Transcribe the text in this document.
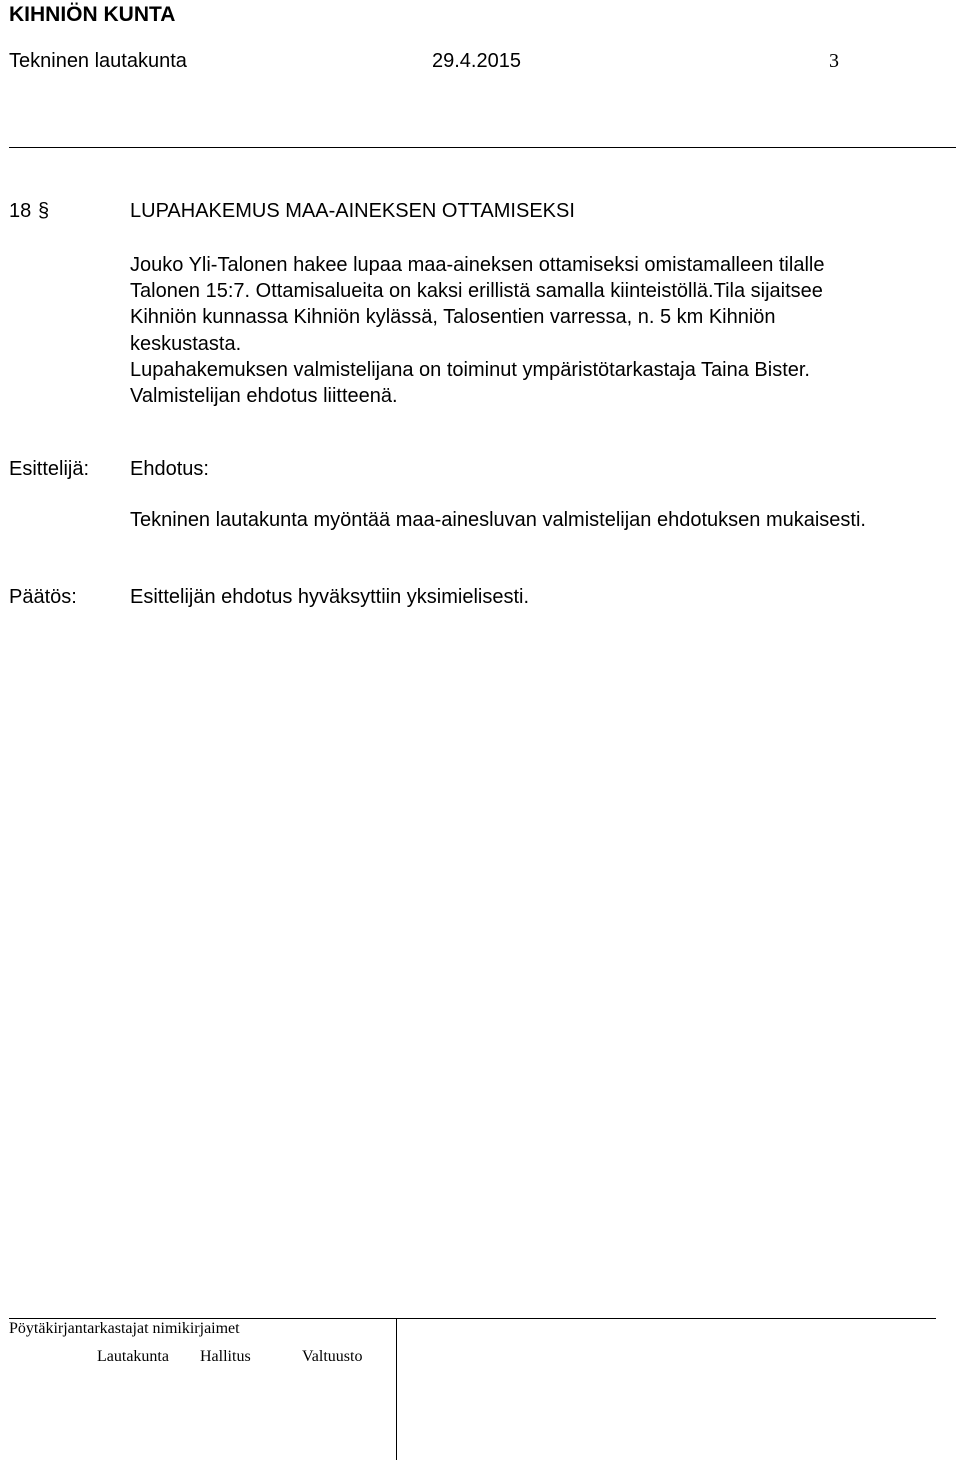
KIHNIÖN KUNTA
Tekninen lautakunta	29.4.2015	3
18 §	LUPAHAKEMUS MAA-AINEKSEN OTTAMISEKSI

Jouko Yli-Talonen hakee lupaa maa-aineksen ottamiseksi omistamalleen tilalle

Talonen 15:7. Ottamisalueita on kaksi erillistä samalla kiinteistöllä.Tila sijaitsee

Kihniön kunnassa Kihniön kylässä, Talosentien varressa, n. 5 km Kihniön

keskustasta.

Lupahakemuksen valmistelijana on toiminut ympäristötarkastaja Taina Bister.

Valmistelijan ehdotus liitteenä.

Esittelijä: Ehdotus:
Tekninen lautakunta myöntää maa-ainesluvan valmistelijan ehdotuksen mukaisesti.
Päätös:	Esittelijän ehdotus hyväksyttiin yksimielisesti.
Pöytäkirjantarkastajat nimikirjaimet
Lautakunta Hallitus	Valtuusto
